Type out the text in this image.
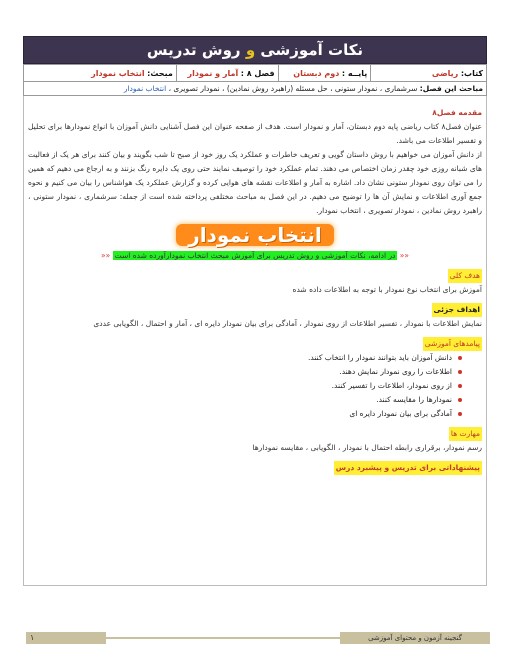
نکات آموزشی و روش تدریس
کتاب: ریاضی	پایــه : دوم دبستان	فصل ۸ : آمار و نمودار	مبحث: انتخاب نمودار
مباحث این فصل: سرشماری ، نمودار ستونی ، حل مسئله (راهبرد روش نمادین) ، نمودار تصویری ، انتخاب نمودار
مقدمه فصل۸
عنوان فصل۸ کتاب ریاضی پایه دوم دبستان، آمار و نمودار است. هدف از صفحه عنوان این فصل آشنایی دانش آموزان با انواع نمودارها برای تحلیل و تفسیر اطلاعات می باشد.
از دانش آموزان می خواهیم با روش داستان گویی و تعریف خاطرات و عملکرد یک روز خود از صبح تا شب بگویند و بیان کنند برای هر یک از فعالیت های شبانه روزی خود چقدر زمان اختصاص می دهند. تمام عملکرد خود را توصیف نمایند حتی روی یک دایره رنگ بزنند و به ارجاع می دهیم که همین را می توان روی نمودار ستونی نشان داد. اشاره به آمار و اطلاعات نقشه های هوایی کرده و گزارش عملکرد یک هواشناس را بیان می کنیم و نحوه جمع آوری اطلاعات و نمایش آن ها را توضیح می دهیم. در این فصل به مباحث مختلفی پرداخته شده است از جمله: سرشماری ، نمودار ستونی ، راهبرد روش نمادین ، نمودار تصویری ، انتخاب نمودار.
انتخاب نمودار
«« در ادامه، نکات آموزشی و روش تدریس برای آموزش مبحث انتخاب نمودارآورده شده است ««
هدف کلی
آموزش برای انتخاب نوع نمودار با توجه به اطلاعات داده شده
اهداف جزئی
نمایش اطلاعات با نمودار ، تفسیر اطلاعات از روی نمودار ، آمادگی برای بیان نمودار دایره ای ، آمار و احتمال ، الگویابی عددی
پیامدهای آموزشی
دانش آموزان باید بتوانند نمودار را انتخاب کنند.
اطلاعات را روی نمودار نمایش دهند.
از روی نمودار، اطلاعات را تفسیر کنند.
نمودارها را مقایسه کنند.
آمادگی برای بیان نمودار دایره ای
مهارت ها
رسم نمودار، برقراری رابطه احتمال با نمودار ، الگویابی ، مقایسه نمودارها
پیشنهاداتی برای تدریس و پیشبرد درس
۱	گنجینه آزمون و محتوای آموزشی
